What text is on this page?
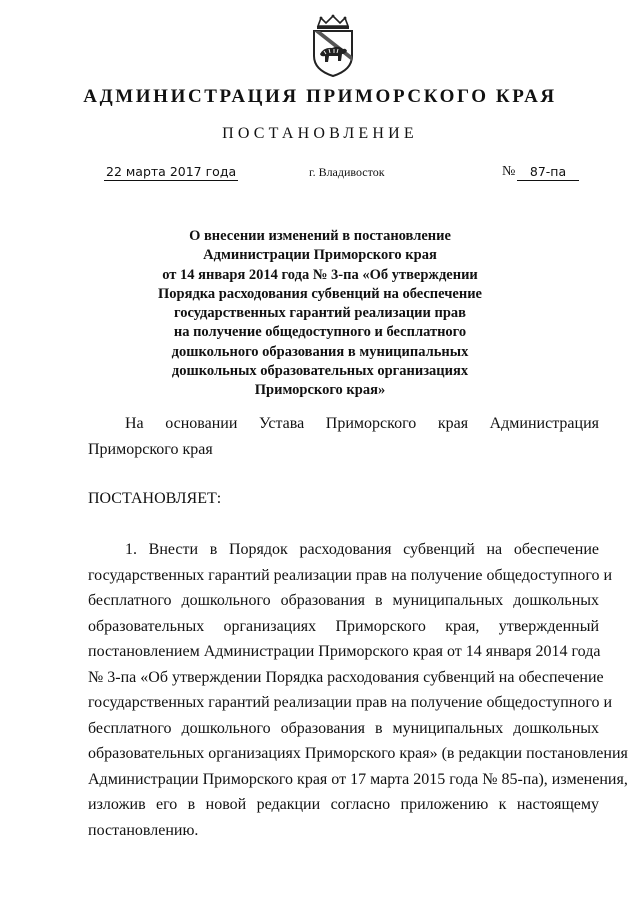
АДМИНИСТРАЦИЯ ПРИМОРСКОГО КРАЯ
ПОСТАНОВЛЕНИЕ
22 марта 2017 года	г. Владивосток	№	87-па
О внесении изменений в постановление
Администрации Приморского края
от 14 января 2014 года № 3-па «Об утверждении
Порядка расходования субвенций на обеспечение
государственных гарантий реализации прав
на получение общедоступного и бесплатного
дошкольного образования в муниципальных
дошкольных образовательных организациях
Приморского края»
На основании Устава Приморского края Администрация Приморского края
ПОСТАНОВЛЯЕТ:
1. Внести в Порядок расходования субвенций на обеспечение
государственных гарантий реализации прав на получение общедоступного и
бесплатного дошкольного образования в муниципальных дошкольных
образовательных организациях Приморского края, утвержденный
постановлением Администрации Приморского края от 14 января 2014 года
№ 3-па «Об утверждении Порядка расходования субвенций на обеспечение
государственных гарантий реализации прав на получение общедоступного и
бесплатного дошкольного образования в муниципальных дошкольных
образовательных организациях Приморского края» (в редакции постановления
Администрации Приморского края от 17 марта 2015 года № 85-па), изменения,
изложив его в новой редакции согласно приложению к настоящему
постановлению.
